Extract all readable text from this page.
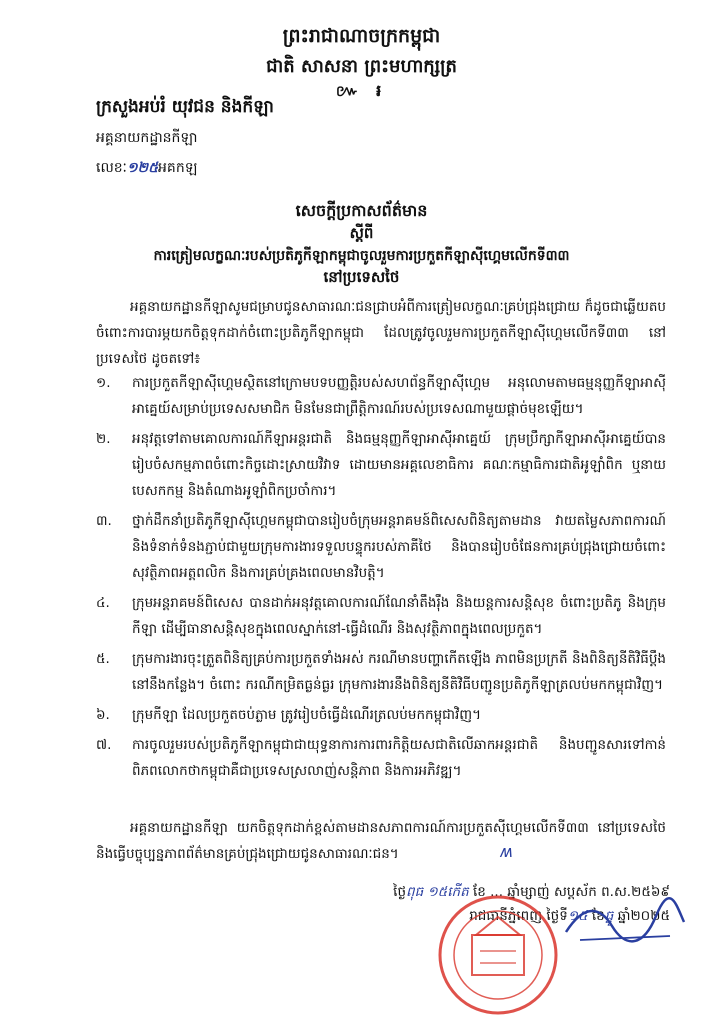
ព្រះរាជាណាចក្រកម្ពុជា
ជាតិ សាសនា ព្រះមហាក្សត្រ
៚ ៛
ក្រសួងអប់រំ យុវជន និងកីឡា
អគ្គនាយកដ្ឋានកីឡា
លេខៈ១២៥អគកឡ
សេចក្តីប្រកាសព័ត៌មាន
ស្តីពី
ការត្រៀមលក្ខណៈរបស់ប្រតិភូកីឡាកម្ពុជាចូលរួមការប្រកួតកីឡាស៊ីហ្គេមលើកទី៣៣
នៅប្រទេសថៃ
អគ្គនាយកដ្ឋានកីឡាសូមជម្រាបជូនសាធារណៈជនជ្រាបអំពីការត្រៀមលក្ខណៈគ្រប់ជ្រុងជ្រោយ ក៏ដូចជាឆ្លើយតបចំពោះការបារម្ភយកចិត្តទុកដាក់ចំពោះប្រតិភូកីឡាកម្ពុជា ដែលត្រូវចូលរួមការប្រកួតកីឡាស៊ីហ្គេមលើកទី៣៣ នៅប្រទេសថៃ ដូចតទៅ៖
១.	ការប្រកួតកីឡាស៊ីហ្គេមស្ថិតនៅក្រោមបទបញ្ញត្តិរបស់សហព័ន្ធកីឡាស៊ីហ្គេម អនុលោមតាមធម្មនុញ្ញកីឡាអាស៊ីអាគ្នេយ៍សម្រាប់ប្រទេសសមាជិក មិនមែនជាព្រឹត្តិការណ៍របស់ប្រទេសណាមួយផ្តាច់មុខឡើយ។
២.	អនុវត្តទៅតាមគោលការណ៍កីឡាអន្តរជាតិ និងធម្មនុញ្ញកីឡាអាស៊ីអាគ្នេយ៍ ក្រុមប្រឹក្សាកីឡាអាស៊ីអាគ្នេយ៍បានរៀបចំសកម្មភាពចំពោះកិច្ចដោះស្រាយវិវាទ ដោយមានអគ្គលេខាធិការ គណៈកម្មាធិការជាតិអូឡាំពិក ឬនាយបេសកកម្ម និងតំណាងអូឡាំពិកប្រចាំការ។
៣.	ថ្នាក់ដឹកនាំប្រតិភូកីឡាស៊ីហ្គេមកម្ពុជាបានរៀបចំក្រុមអន្តរាគមន៍ពិសេសពិនិត្យតាមដាន វាយតម្លៃសភាពការណ៍ និងទំនាក់ទំនងភ្ជាប់ជាមួយក្រុមការងារទទួលបន្ទុករបស់ភាគីថៃ និងបានរៀបចំផែនការគ្រប់ជ្រុងជ្រោយចំពោះសុវត្ថិភាពអត្តពលិក និងការគ្រប់គ្រងពេលមានវិបត្តិ។
៤.	ក្រុមអន្តរាគមន៍ពិសេស បានដាក់អនុវត្តគោលការណ៍ណែនាំតឹងរ៉ឹង និងយន្តការសន្តិសុខ ចំពោះប្រតិភូ និងក្រុមកីឡា ដើម្បីធានាសន្តិសុខក្នុងពេលស្នាក់នៅ-ធ្វើដំណើរ និងសុវត្ថិភាពក្នុងពេលប្រកួត។
៥.	ក្រុមការងារចុះត្រួតពិនិត្យគ្រប់ការប្រកួតទាំងអស់ ករណីមានបញ្ហាកើតឡើង ភាពមិនប្រក្រតី និងពិនិត្យនីតិវិធីប្ដឹងនៅនឹងកន្លែង។ ចំពោះ ករណីកម្រិតធ្ងន់ធ្ងរ ក្រុមការងារនឹងពិនិត្យនីតិវិធីបញ្ជូនប្រតិភូកីឡាត្រលប់មកកម្ពុជាវិញ។
៦.	ក្រុមកីឡា ដែលប្រកួតចប់ភ្លាម ត្រូវរៀបចំធ្វើដំណើរត្រលប់មកកម្ពុជាវិញ។
៧.	ការចូលរួមរបស់ប្រតិភូកីឡាកម្ពុជាជាយុទ្ធនាការការពារកិត្តិយសជាតិលើឆាកអន្តរជាតិ និងបញ្ជូនសារទៅកាន់ពិភពលោកថាកម្ពុជាគឺជាប្រទេសស្រលាញ់សន្តិភាព និងការអភិវឌ្ឍ។
អគ្គនាយកដ្ឋានកីឡា យកចិត្តទុកដាក់ខ្ពស់តាមដានសភាពការណ៍ការប្រកួតស៊ីហ្គេមលើកទី៣៣ នៅប្រទេសថៃ និងធ្វើបច្ចុប្បន្នភាពព័ត៌មានគ្រប់ជ្រុងជ្រោយជូនសាធារណៈជន។	ʍ
ថ្ងៃពុធ ១៥កើត ខែ ... ឆ្នាំម្សាញ់ សប្តស័ក ព.ស.២៥៦៩
រាជធានីភ្នំពេញ ថ្ងៃទី១៥ ខែធ្នូ ឆ្នាំ២០២៥
